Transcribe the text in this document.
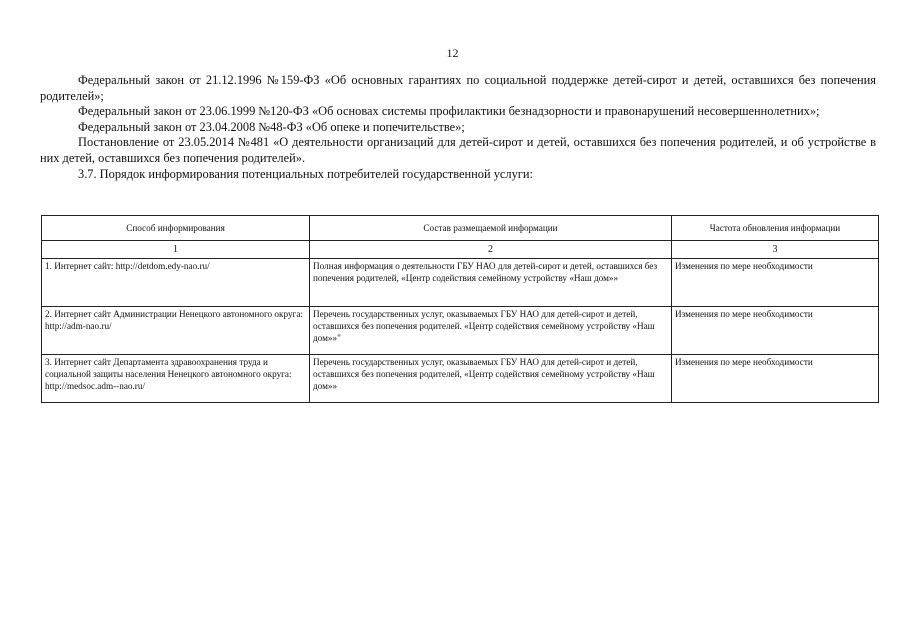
12

Федеральный закон от 21.12.1996 №159-ФЗ «Об основных гарантиях по социальной поддержке детей-сирот и детей, оставшихся без попечения родителей»;

Федеральный закон от 23.06.1999 №120-ФЗ «Об основах системы профилактики безнадзорности и правонарушений несовершеннолетних»;

Федеральный закон от 23.04.2008 №48-ФЗ «Об опеке и попечительстве»;

Постановление от 23.05.2014 №481 «О деятельности организаций для детей-сирот и детей, оставшихся без попечения родителей, и об устройстве в них детей, оставшихся без попечения родителей».

3.7. Порядок информирования потенциальных потребителей государственной услуги:

Способ информирования	Состав размещаемой информации	Частота обновления информации
1	2	3
1. Интернет сайт: http://detdom.edy-nao.ru/	Полная информация о деятельности ГБУ НАО для детей-сирот и детей, оставшихся без попечения родителей, «Центр содействия семейному устройству «Наш дом»»	Изменения по мере необходимости
2. Интернет сайт Администрации Ненецкого автономного округа: http://adm-nao.ru/	Перечень государственных услуг, оказываемых ГБУ НАО для детей-сирот и детей, оставшихся без попечения родителей. «Центр содействия семейному устройству «Наш дом»»"	Изменения по мере необходимости
3. Интернет сайт Департамента здравоохранения труда и социальной защиты населения Ненецкого автономного округа: http://medsoc.adm--nao.ru/	Перечень государственных услуг, оказываемых ГБУ НАО для детей-сирот и детей, оставшихся без попечения родителей, «Центр содействия семейному устройству «Наш дом»»	Изменения по мере необходимости
